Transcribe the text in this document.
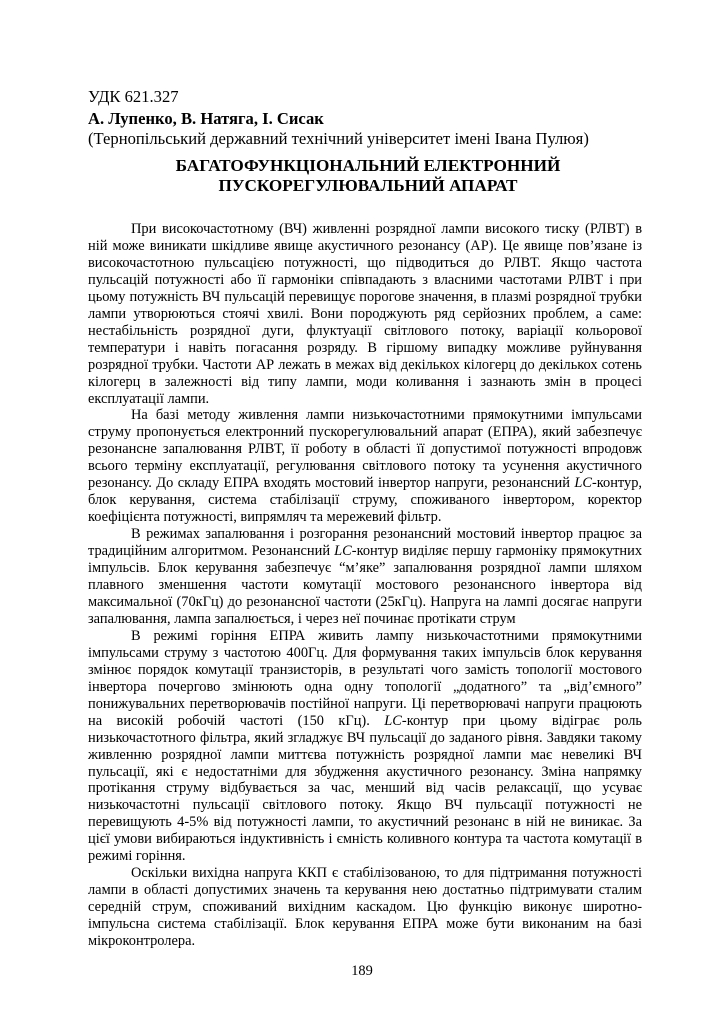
УДК 621.327
А. Лупенко, В. Натяга, І. Сисак
(Тернопільський державний технічний університет імені Івана Пулюя)
БАГАТОФУНКЦІОНАЛЬНИЙ ЕЛЕКТРОННИЙ
ПУСКОРЕГУЛЮВАЛЬНИЙ АПАРАТ

При високочастотному (ВЧ) живленні розрядної лампи високого тиску (РЛВТ) в ній може виникати шкідливе явище акустичного резонансу (АР). Це явище пов’язане із високочастотною пульсацією потужності, що підводиться до РЛВТ. Якщо частота пульсацій потужності або її гармоніки співпадають з власними частотами РЛВТ і при цьому потужність ВЧ пульсацій перевищує порогове значення, в плазмі розрядної трубки лампи утворюються стоячі хвилі. Вони породжують ряд серйозних проблем, а саме: нестабільність розрядної дуги, флуктуації світлового потоку, варіації кольорової температури і навіть погасання розряду. В гіршому випадку можливе руйнування розрядної трубки. Частоти АР лежать в межах від декількох кілогерц до декількох сотень кілогерц в залежності від типу лампи, моди коливання і зазнають змін в процесі експлуатації лампи.

На базі методу живлення лампи низькочастотними прямокутними імпульсами струму пропонується електронний пускорегулювальний апарат (ЕПРА), який забезпечує резонансне запалювання РЛВТ, її роботу в області її допустимої потужності впродовж всього терміну експлуатації, регулювання світлового потоку та усунення акустичного резонансу. До складу ЕПРА входять мостовий інвертор напруги, резонансний LC-контур, блок керування, система стабілізації струму, споживаного інвертором, коректор коефіцієнта потужності, випрямляч та мережевий фільтр.

В режимах запалювання і розгорання резонансний мостовий інвертор працює за традиційним алгоритмом. Резонансний LC-контур виділяє першу гармоніку прямокутних імпульсів. Блок керування забезпечує “м’яке” запалювання розрядної лампи шляхом плавного зменшення частоти комутації мостового резонансного інвертора від максимальної (70кГц) до резонансної частоти (25кГц). Напруга на лампі досягає напруги запалювання, лампа запалюється, і через неї починає протікати струм

В режимі горіння ЕПРА живить лампу низькочастотними прямокутними імпульсами струму з частотою 400Гц. Для формування таких імпульсів блок керування змінює порядок комутації транзисторів, в результаті чого замість топології мостового інвертора почергово змінюють одна одну топології „додатного” та „від’ємного” понижувальних перетворювачів постійної напруги. Ці перетворювачі напруги працюють на високій робочій частоті (150 кГц). LC-контур при цьому відіграє роль низькочастотного фільтра, який згладжує ВЧ пульсації до заданого рівня. Завдяки такому живленню розрядної лампи миттєва потужність розрядної лампи має невеликі ВЧ пульсації, які є недостатніми для збудження акустичного резонансу. Зміна напрямку протікання струму відбувається за час, менший від часів релаксації, що усуває низькочастотні пульсації світлового потоку. Якщо ВЧ пульсації потужності не перевищують 4-5% від потужності лампи, то акустичний резонанс в ній не виникає. За цієї умови вибираються індуктивність і ємність коливного контура та частота комутації в режимі горіння.

Оскільки вихідна напруга ККП є стабілізованою, то для підтримання потужності лампи в області допустимих значень та керування нею достатньо підтримувати сталим середній струм, споживаний вихідним каскадом. Цю функцію виконує широтно-імпульсна система стабілізації. Блок керування ЕПРА може бути виконаним на базі мікроконтролера.

189
